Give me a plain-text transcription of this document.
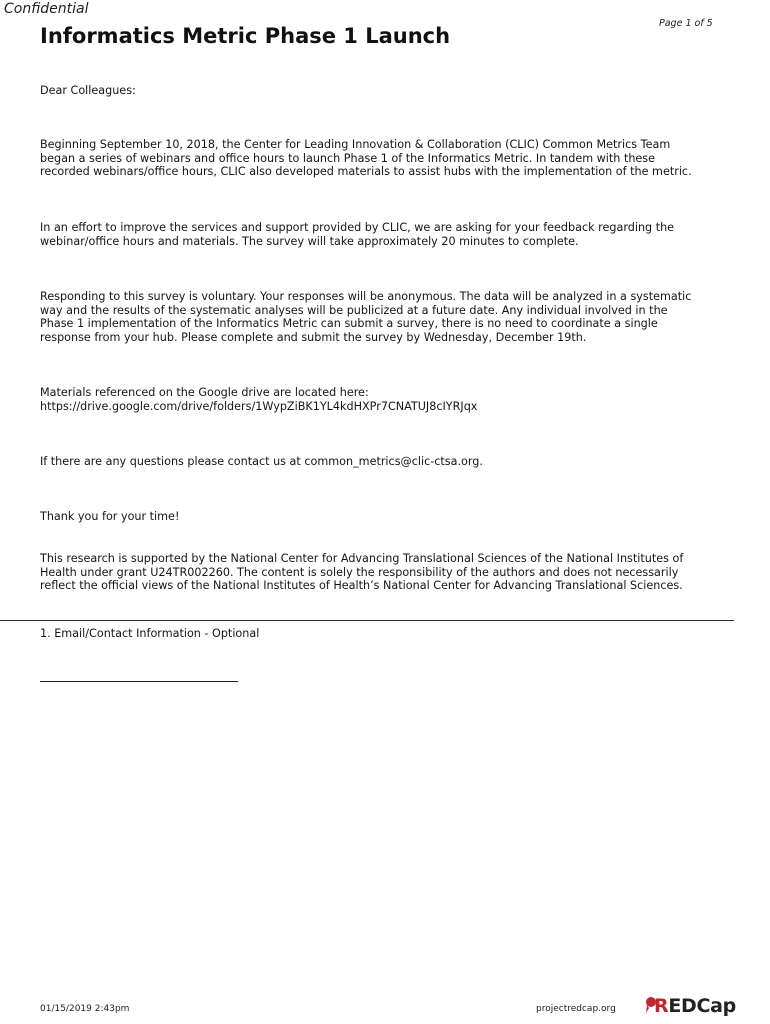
Confidential
Page 1 of 5
Informatics Metric Phase 1 Launch

Dear Colleagues:

Beginning September 10, 2018, the Center for Leading Innovation & Collaboration (CLIC) Common Metrics Team
began a series of webinars and office hours to launch Phase 1 of the Informatics Metric. In tandem with these
recorded webinars/office hours, CLIC also developed materials to assist hubs with the implementation of the metric.

In an effort to improve the services and support provided by CLIC, we are asking for your feedback regarding the
webinar/office hours and materials. The survey will take approximately 20 minutes to complete.

Responding to this survey is voluntary. Your responses will be anonymous. The data will be analyzed in a systematic
way and the results of the systematic analyses will be publicized at a future date. Any individual involved in the
Phase 1 implementation of the Informatics Metric can submit a survey, there is no need to coordinate a single
response from your hub. Please complete and submit the survey by Wednesday, December 19th.

Materials referenced on the Google drive are located here:
https://drive.google.com/drive/folders/1WypZiBK1YL4kdHXPr7CNATUJ8cIYRJqx

If there are any questions please contact us at common_metrics@clic-ctsa.org.

Thank you for your time!

This research is supported by the National Center for Advancing Translational Sciences of the National Institutes of
Health under grant U24TR002260. The content is solely the responsibility of the authors and does not necessarily
reflect the official views of the National Institutes of Health’s National Center for Advancing Translational Sciences.

1. Email/Contact Information - Optional
01/15/2019 2:43pm	projectredcap.org REDCap
